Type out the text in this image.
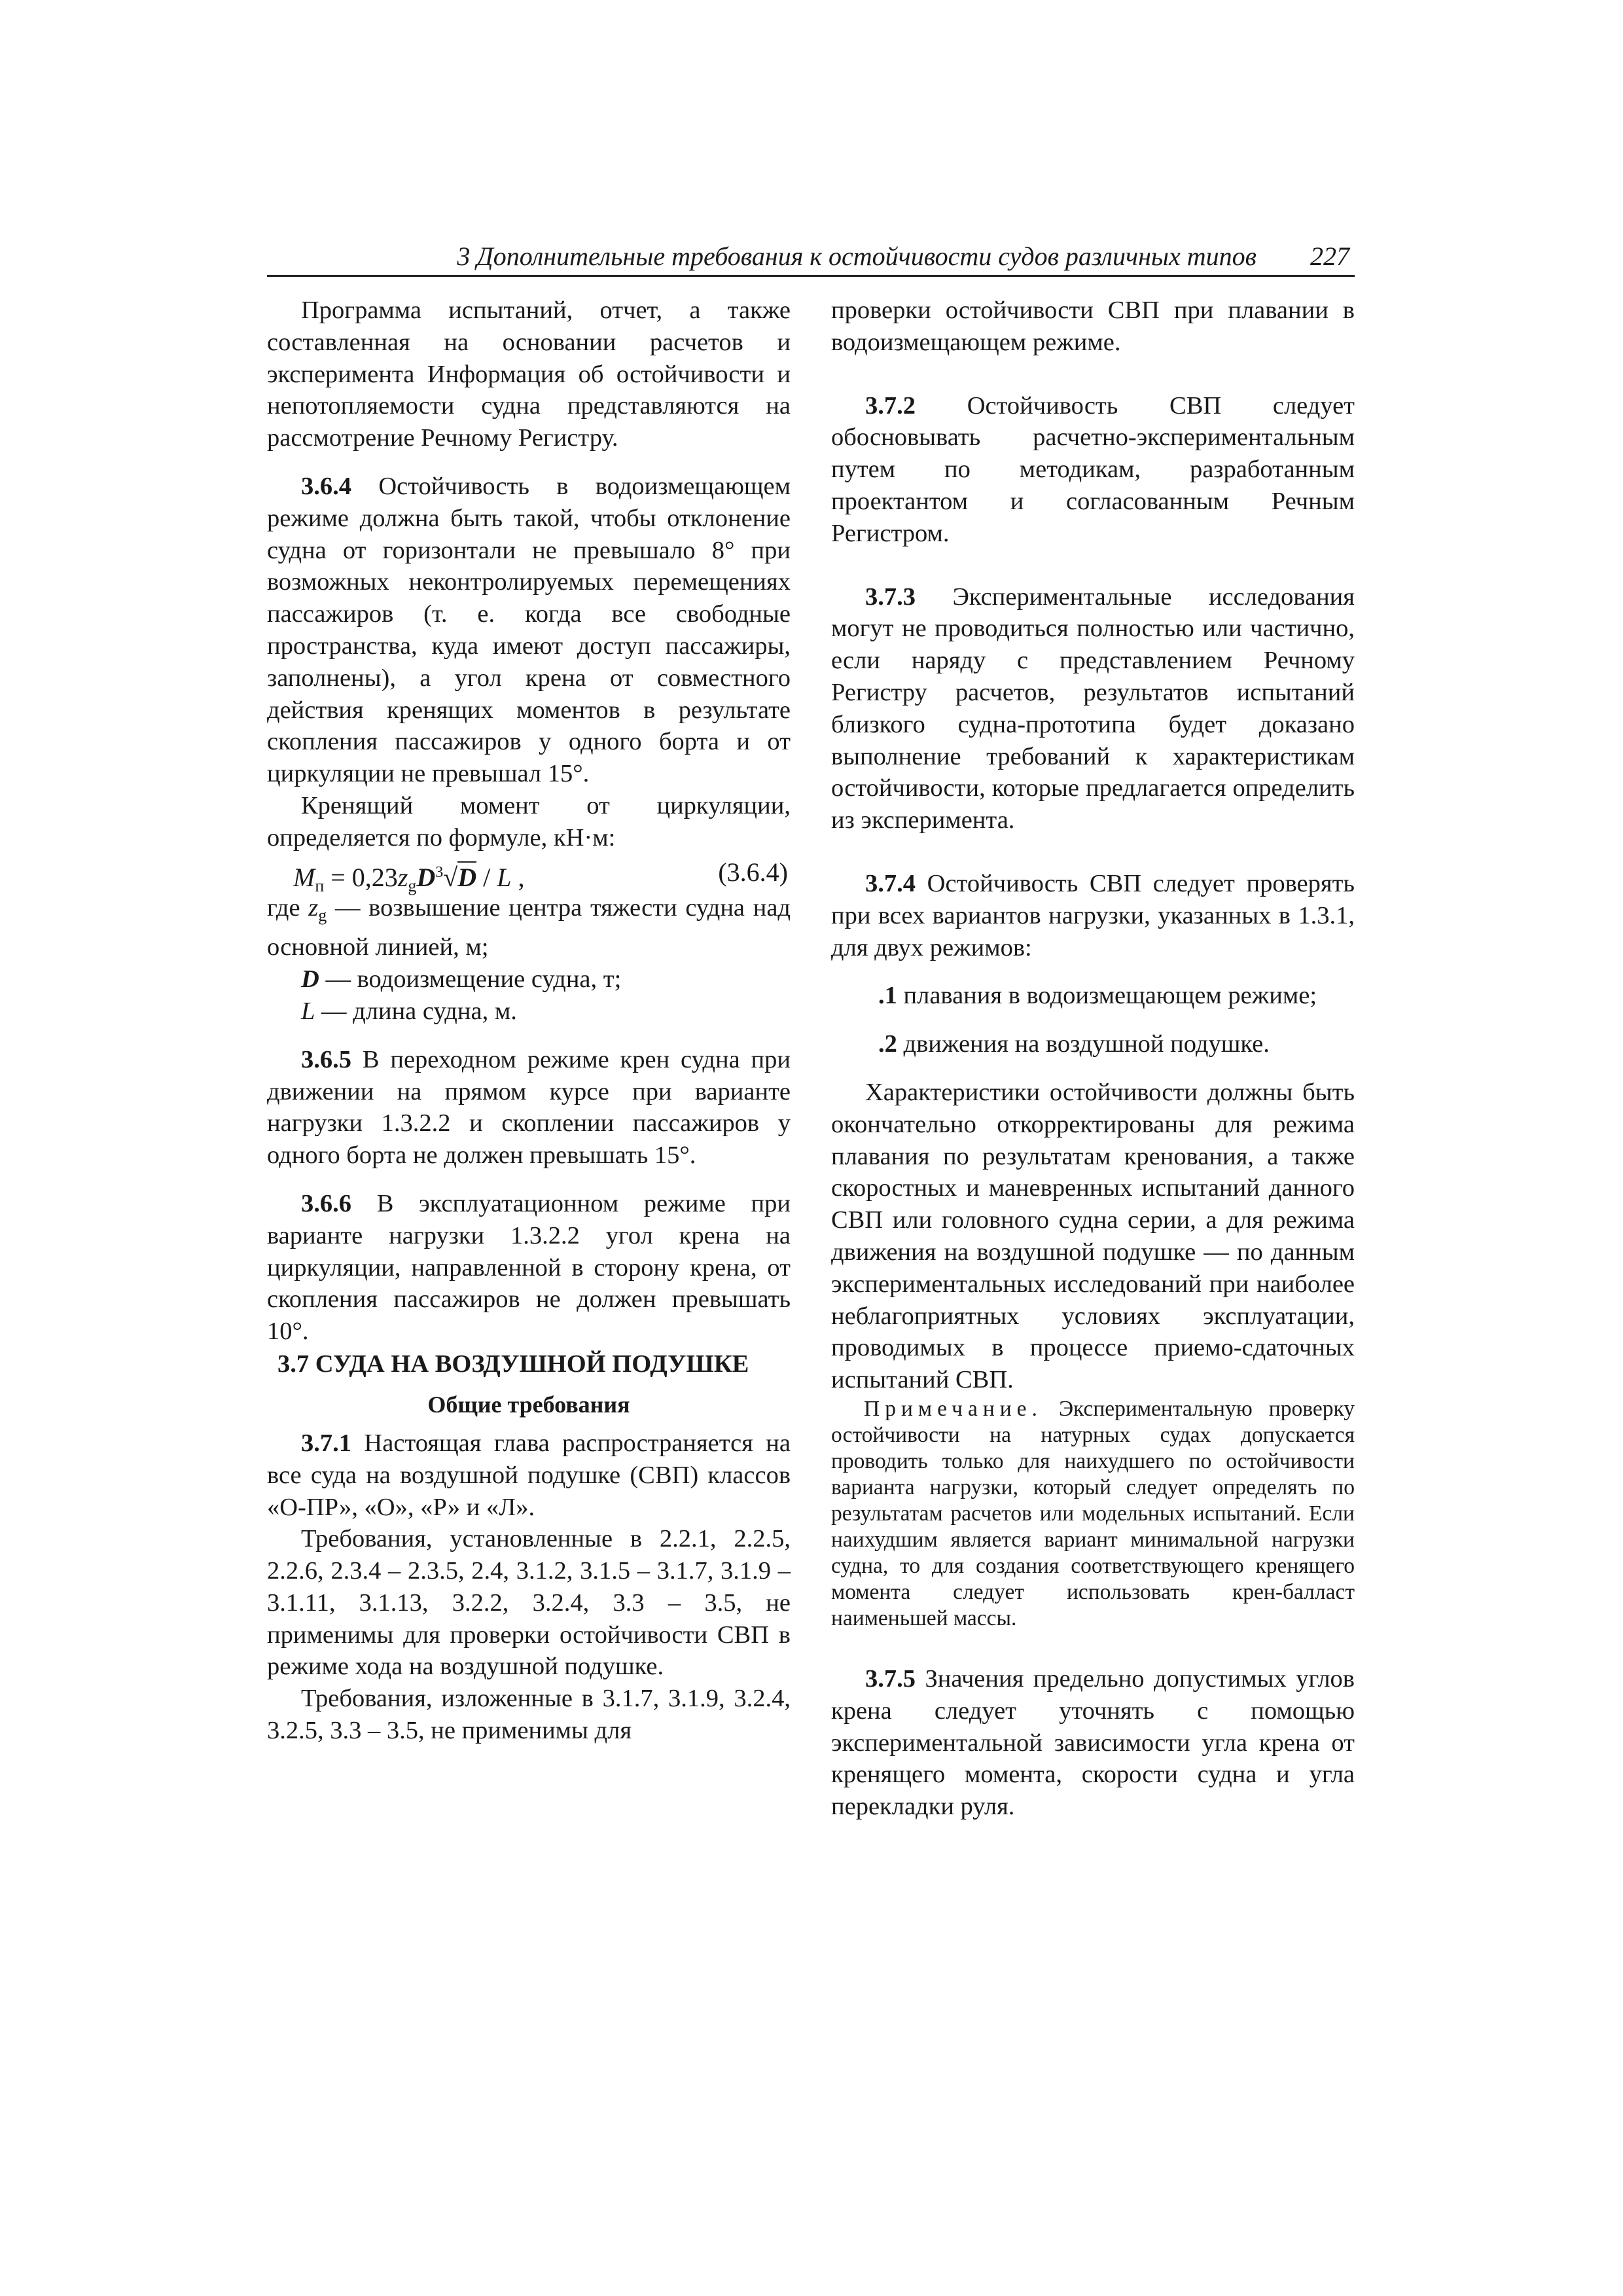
3 Дополнительные требования к остойчивости судов различных типов 227

Программа испытаний, отчет, а также составленная на основании расчетов и эксперимента Информация об остойчивости и непотопляемости судна представляются на рассмотрение Речному Регистру.

3.6.4 Остойчивость в водоизмещающем режиме должна быть такой, чтобы отклонение судна от горизонтали не превышало 8° при возможных неконтролируемых перемещениях пассажиров (т. е. когда все свободные пространства, куда имеют доступ пассажиры, заполнены), а угол крена от совместного действия кренящих моментов в результате скопления пассажиров у одного борта и от циркуляции не превышал 15°.

Кренящий момент от циркуляции, определяется по формуле, кН·м:

$M_п = 0,23z_gD^3√D / L$ ,	(3.6.4)

где $z_g$ — возвышение центра тяжести судна над основной линией, м;

D — водоизмещение судна, т;

L — длина судна, м.

3.6.5 В переходном режиме крен судна при движении на прямом курсе при варианте нагрузки 1.3.2.2 и скоплении пассажиров у одного борта не должен превышать 15°.

3.6.6 В эксплуатационном режиме при варианте нагрузки 1.3.2.2 угол крена на циркуляции, направленной в сторону крена, от скопления пассажиров не должен превышать 10°.

3.7 СУДА НА ВОЗДУШНОЙ ПОДУШКЕ
Общие требования

3.7.1 Настоящая глава распространяется на все суда на воздушной подушке (СВП) классов «О-ПР», «О», «Р» и «Л».

Требования, установленные в 2.2.1, 2.2.5, 2.2.6, 2.3.4 – 2.3.5, 2.4, 3.1.2, 3.1.5 – 3.1.7, 3.1.9 – 3.1.11, 3.1.13, 3.2.2, 3.2.4, 3.3 – 3.5, не применимы для проверки остойчивости СВП в режиме хода на воздушной подушке.

Требования, изложенные в 3.1.7, 3.1.9, 3.2.4, 3.2.5, 3.3 – 3.5, не применимы для

проверки остойчивости СВП при плавании в водоизмещающем режиме.

3.7.2 Остойчивость СВП следует обосновывать расчетно-экспериментальным путем по методикам, разработанным проектантом и согласованным Речным Регистром.

3.7.3 Экспериментальные исследования могут не проводиться полностью или частично, если наряду с представлением Речному Регистру расчетов, результатов испытаний близкого судна-прототипа будет доказано выполнение требований к характеристикам остойчивости, которые предлагается определить из эксперимента.

3.7.4 Остойчивость СВП следует проверять при всех вариантов нагрузки, указанных в 1.3.1, для двух режимов:

.1 плавания в водоизмещающем режиме;

.2 движения на воздушной подушке.

Характеристики остойчивости должны быть окончательно откорректированы для режима плавания по результатам кренования, а также скоростных и маневренных испытаний данного СВП или головного судна серии, а для режима движения на воздушной подушке — по данным экспериментальных исследований при наиболее неблагоприятных условиях эксплуатации, проводимых в процессе приемо-сдаточных испытаний СВП.

Примечание. Экспериментальную проверку остойчивости на натурных судах допускается проводить только для наихудшего по остойчивости варианта нагрузки, который следует определять по результатам расчетов или модельных испытаний. Если наихудшим является вариант минимальной нагрузки судна, то для создания соответствующего кренящего момента следует использовать крен-балласт наименьшей массы.

3.7.5 Значения предельно допустимых углов крена следует уточнять с помощью экспериментальной зависимости угла крена от кренящего момента, скорости судна и угла перекладки руля.
